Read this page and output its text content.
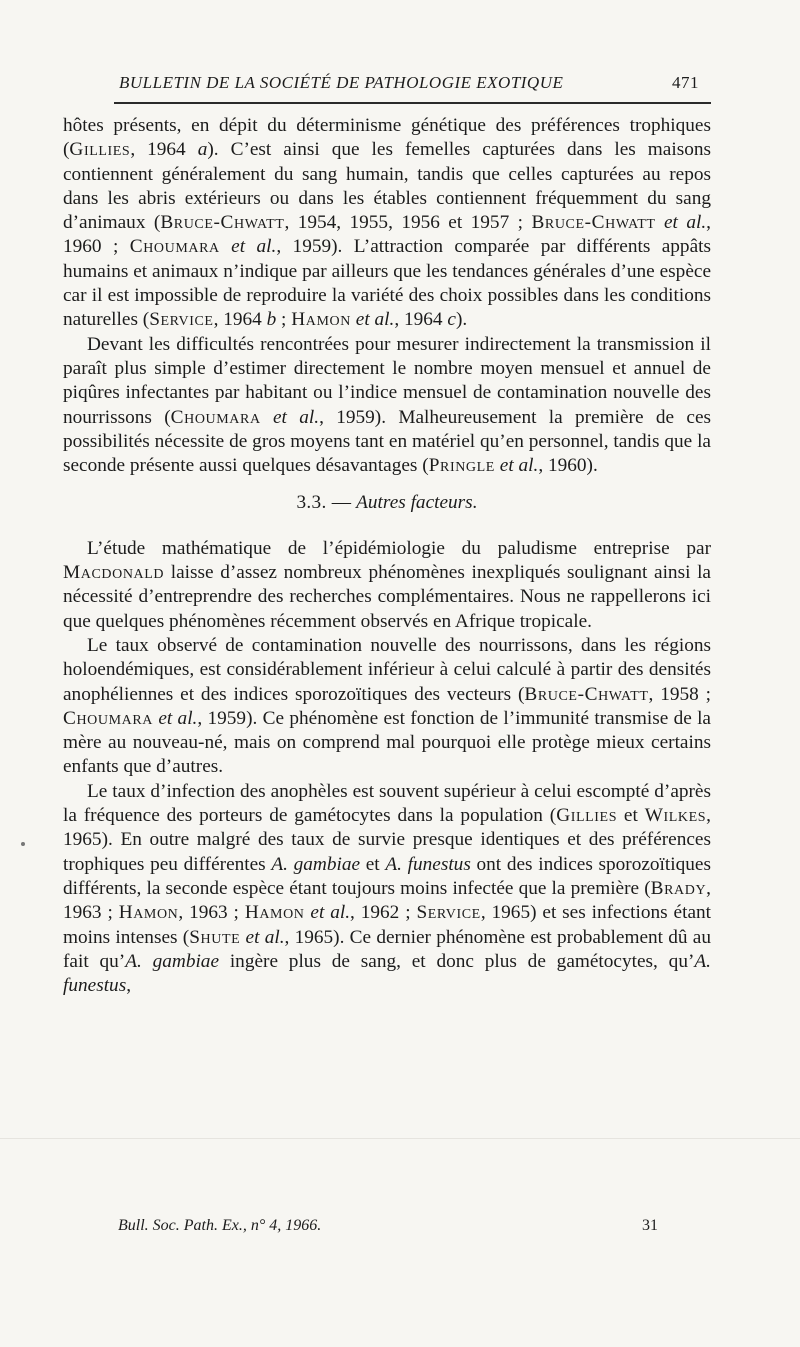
BULLETIN DE LA SOCIÉTÉ DE PATHOLOGIE EXOTIQUE	471

hôtes présents, en dépit du déterminisme génétique des préférences trophiques (Gillies, 1964 a). C’est ainsi que les femelles capturées dans les maisons contiennent généralement du sang humain, tandis que celles capturées au repos dans les abris extérieurs ou dans les étables contiennent fréquemment du sang d’animaux (Bruce-Chwatt, 1954, 1955, 1956 et 1957 ; Bruce-Chwatt et al., 1960 ; Choumara et al., 1959). L’attraction comparée par différents appâts humains et animaux n’indique par ailleurs que les tendances générales d’une espèce car il est impossible de reproduire la variété des choix possibles dans les conditions naturelles (Service, 1964 b ; Hamon et al., 1964 c).

Devant les difficultés rencontrées pour mesurer indirectement la transmission il paraît plus simple d’estimer directement le nombre moyen mensuel et annuel de piqûres infectantes par habitant ou l’indice mensuel de contamination nouvelle des nourrissons (Choumara et al., 1959). Malheureusement la première de ces possibilités nécessite de gros moyens tant en matériel qu’en personnel, tandis que la seconde présente aussi quelques désavantages (Pringle et al., 1960).

3.3. — Autres facteurs.

L’étude mathématique de l’épidémiologie du paludisme entreprise par Macdonald laisse d’assez nombreux phénomènes inexpliqués soulignant ainsi la nécessité d’entreprendre des recherches complémentaires. Nous ne rappellerons ici que quelques phénomènes récemment observés en Afrique tropicale.

Le taux observé de contamination nouvelle des nourrissons, dans les régions holoendémiques, est considérablement inférieur à celui calculé à partir des densités anophéliennes et des indices sporozoïtiques des vecteurs (Bruce-Chwatt, 1958 ; Choumara et al., 1959). Ce phénomène est fonction de l’immunité transmise de la mère au nouveau-né, mais on comprend mal pourquoi elle protège mieux certains enfants que d’autres.

Le taux d’infection des anophèles est souvent supérieur à celui escompté d’après la fréquence des porteurs de gamétocytes dans la population (Gillies et Wilkes, 1965). En outre malgré des taux de survie presque identiques et des préférences trophiques peu différentes A. gambiae et A. funestus ont des indices sporozoïtiques différents, la seconde espèce étant toujours moins infectée que la première (Brady, 1963 ; Hamon, 1963 ; Hamon et al., 1962 ; Service, 1965) et ses infections étant moins intenses (Shute et al., 1965). Ce dernier phénomène est probablement dû au fait qu’A. gambiae ingère plus de sang, et donc plus de gamétocytes, qu’A. funestus,

Bull. Soc. Path. Ex., n° 4, 1966.	31
